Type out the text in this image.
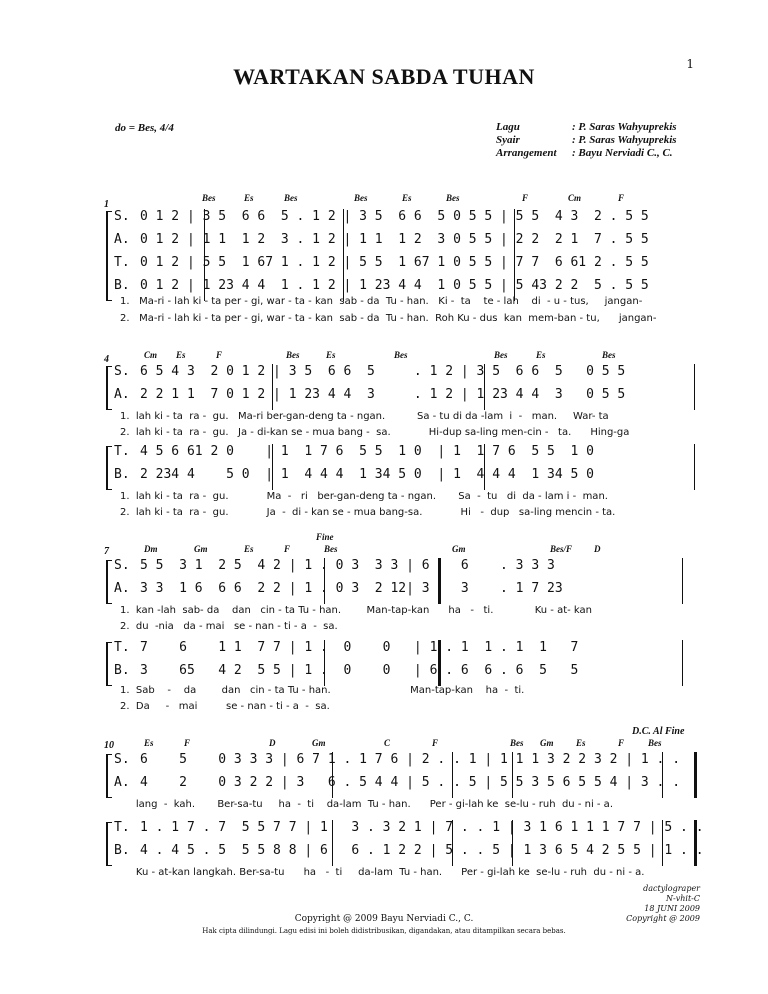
1
WARTAKAN SABDA TUHAN
do = Bes, 4/4	Lagu	: P. Saras Wahyuprekis
Syair	: P. Saras Wahyuprekis
Arrangement : Bayu Nerviadi C., C.
1
Bes	Es	Bes	Bes	Es	Bes	F	Cm	F
S. 0 1 2 | 3 5  6 6  5 . 1 2 | 3 5  6 6  5 0 5 5 | 5 5  4 3  2 . 5 5
A. 0 1 2 | 1 1  1 2  3 . 1 2 | 1 1  1 2  3 0 5 5 | 2 2  2 1  7 . 5 5
T. 0 1 2 | 5 5  1 67 1 . 1 2 | 5 5  1 67 1 0 5 5 | 7 7  6 61 2 . 5 5
B. 0 1 2 | 1 23 4 4  1 . 1 2 | 1 23 4 4  1 0 5 5 | 5 43 2 2  5 . 5 5
1.   Ma-ri - lah ki - ta per - gi, war - ta - kan  sab - da  Tu - han.   Ki -  ta    te - lah    di  - u - tus,     jangan-
2.   Ma-ri - lah ki - ta per - gi, war - ta - kan  sab - da  Tu - han.  Roh Ku - dus  kan  mem-ban - tu,      jangan-
4	Cm Es	F	Bes	Es	Bes	Bes	Es	Bes
S. 6 5 4 3  2 0 1 2 | 3 5  6 6  5     . 1 2 | 3 5  6 6  5   0 5 5
A. 2 2 1 1  7 0 1 2 | 1 23 4 4  3     . 1 2 | 1 23 4 4  3   0 5 5
1.  lah ki - ta  ra -  gu.   Ma-ri ber-gan-deng ta - ngan.          Sa - tu di da -lam  i  -   man.     War- ta
2.  lah ki - ta  ra -  gu.   Ja - di-kan se - mua bang -  sa.            Hi-dup sa-ling men-cin -   ta.      Hing-ga
T. 4 5 6 61 2 0    | 1  1 7 6  5 5  1 0  | 1  1 7 6  5 5  1 0
B. 2 234 4    5 0  | 1  4 4 4  1 34 5 0  | 1  4 4 4  1 34 5 0
1.  lah ki - ta  ra -  gu.            Ma  -   ri   ber-gan-deng ta - ngan.       Sa  -  tu   di  da - lam i -  man.
2.  lah ki - ta  ra -  gu.            Ja  -  di - kan se - mua bang-sa.            Hi   -  dup   sa-ling mencin - ta.
Fine
7	Dm	Gm	Es	F	Bes	Gm	Bes/F D
S. 5 5  3 1  2 5  4 2 | 1 . 0 3  3 3 | 6    6    . 3 3 3
A. 3 3  1 6  6 6  2 2 | 1 . 0 3  2 12| 3    3    . 1 7 23
1.  kan -lah  sab- da    dan   cin - ta Tu - han.        Man-tap-kan      ha   -   ti.             Ku - at- kan
2.  du  -nia   da - mai   se - nan - ti - a  -  sa.
T. 7    6    1 1  7 7 | 1 .  0    0   | 1 . 1  1 . 1  1   7
B. 3    65   4 2  5 5 | 1 .  0    0   | 6 . 6  6 . 6  5   5
1.  Sab    -    da        dan   cin - ta Tu - han.                         Man-tap-kan    ha  -  ti.
2.  Da     -   mai         se - nan - ti - a  -  sa.
D.C. Al Fine
10	Es	F	D	Gm	C	F	Bes Gm	Es	F	Bes
S. 6    5    0 3 3 3 | 6 7 1 . 1 7 6 | 2 . . 1 | 1 1 1 3 2 2 3 2 | 1 . .
A. 4    2    0 3 2 2 | 3   6 . 5 4 4 | 5 . . 5 | 5 5 3 5 6 5 5 4 | 3 . .
lang  -  kah.       Ber-sa-tu     ha  -  ti    da-lam  Tu - han.      Per - gi-lah ke  se-lu - ruh  du - ni - a.
T. 1 . 1 7 . 7  5 5 7 7 | 1   3 . 3 2 1 | 7 . . 1 | 3 1 6 1 1 1 7 7 | 5 . .
B. 4 . 4 5 . 5  5 5 8 8 | 6   6 . 1 2 2 | 5 . . 5 | 1 3 6 5 4 2 5 5 | 1 . .
Ku - at-kan langkah. Ber-sa-tu      ha   -  ti     da-lam  Tu - han.      Per - gi-lah ke  se-lu - ruh  du - ni - a.
dactylograper
N-vhit-C
18 JUNI 2009
Copyright @ 2009
Copyright @ 2009 Bayu Nerviadi C., C.
Hak cipta dilindungi. Lagu edisi ini boleh didistribusikan, digandakan, atau ditampilkan secara bebas.
